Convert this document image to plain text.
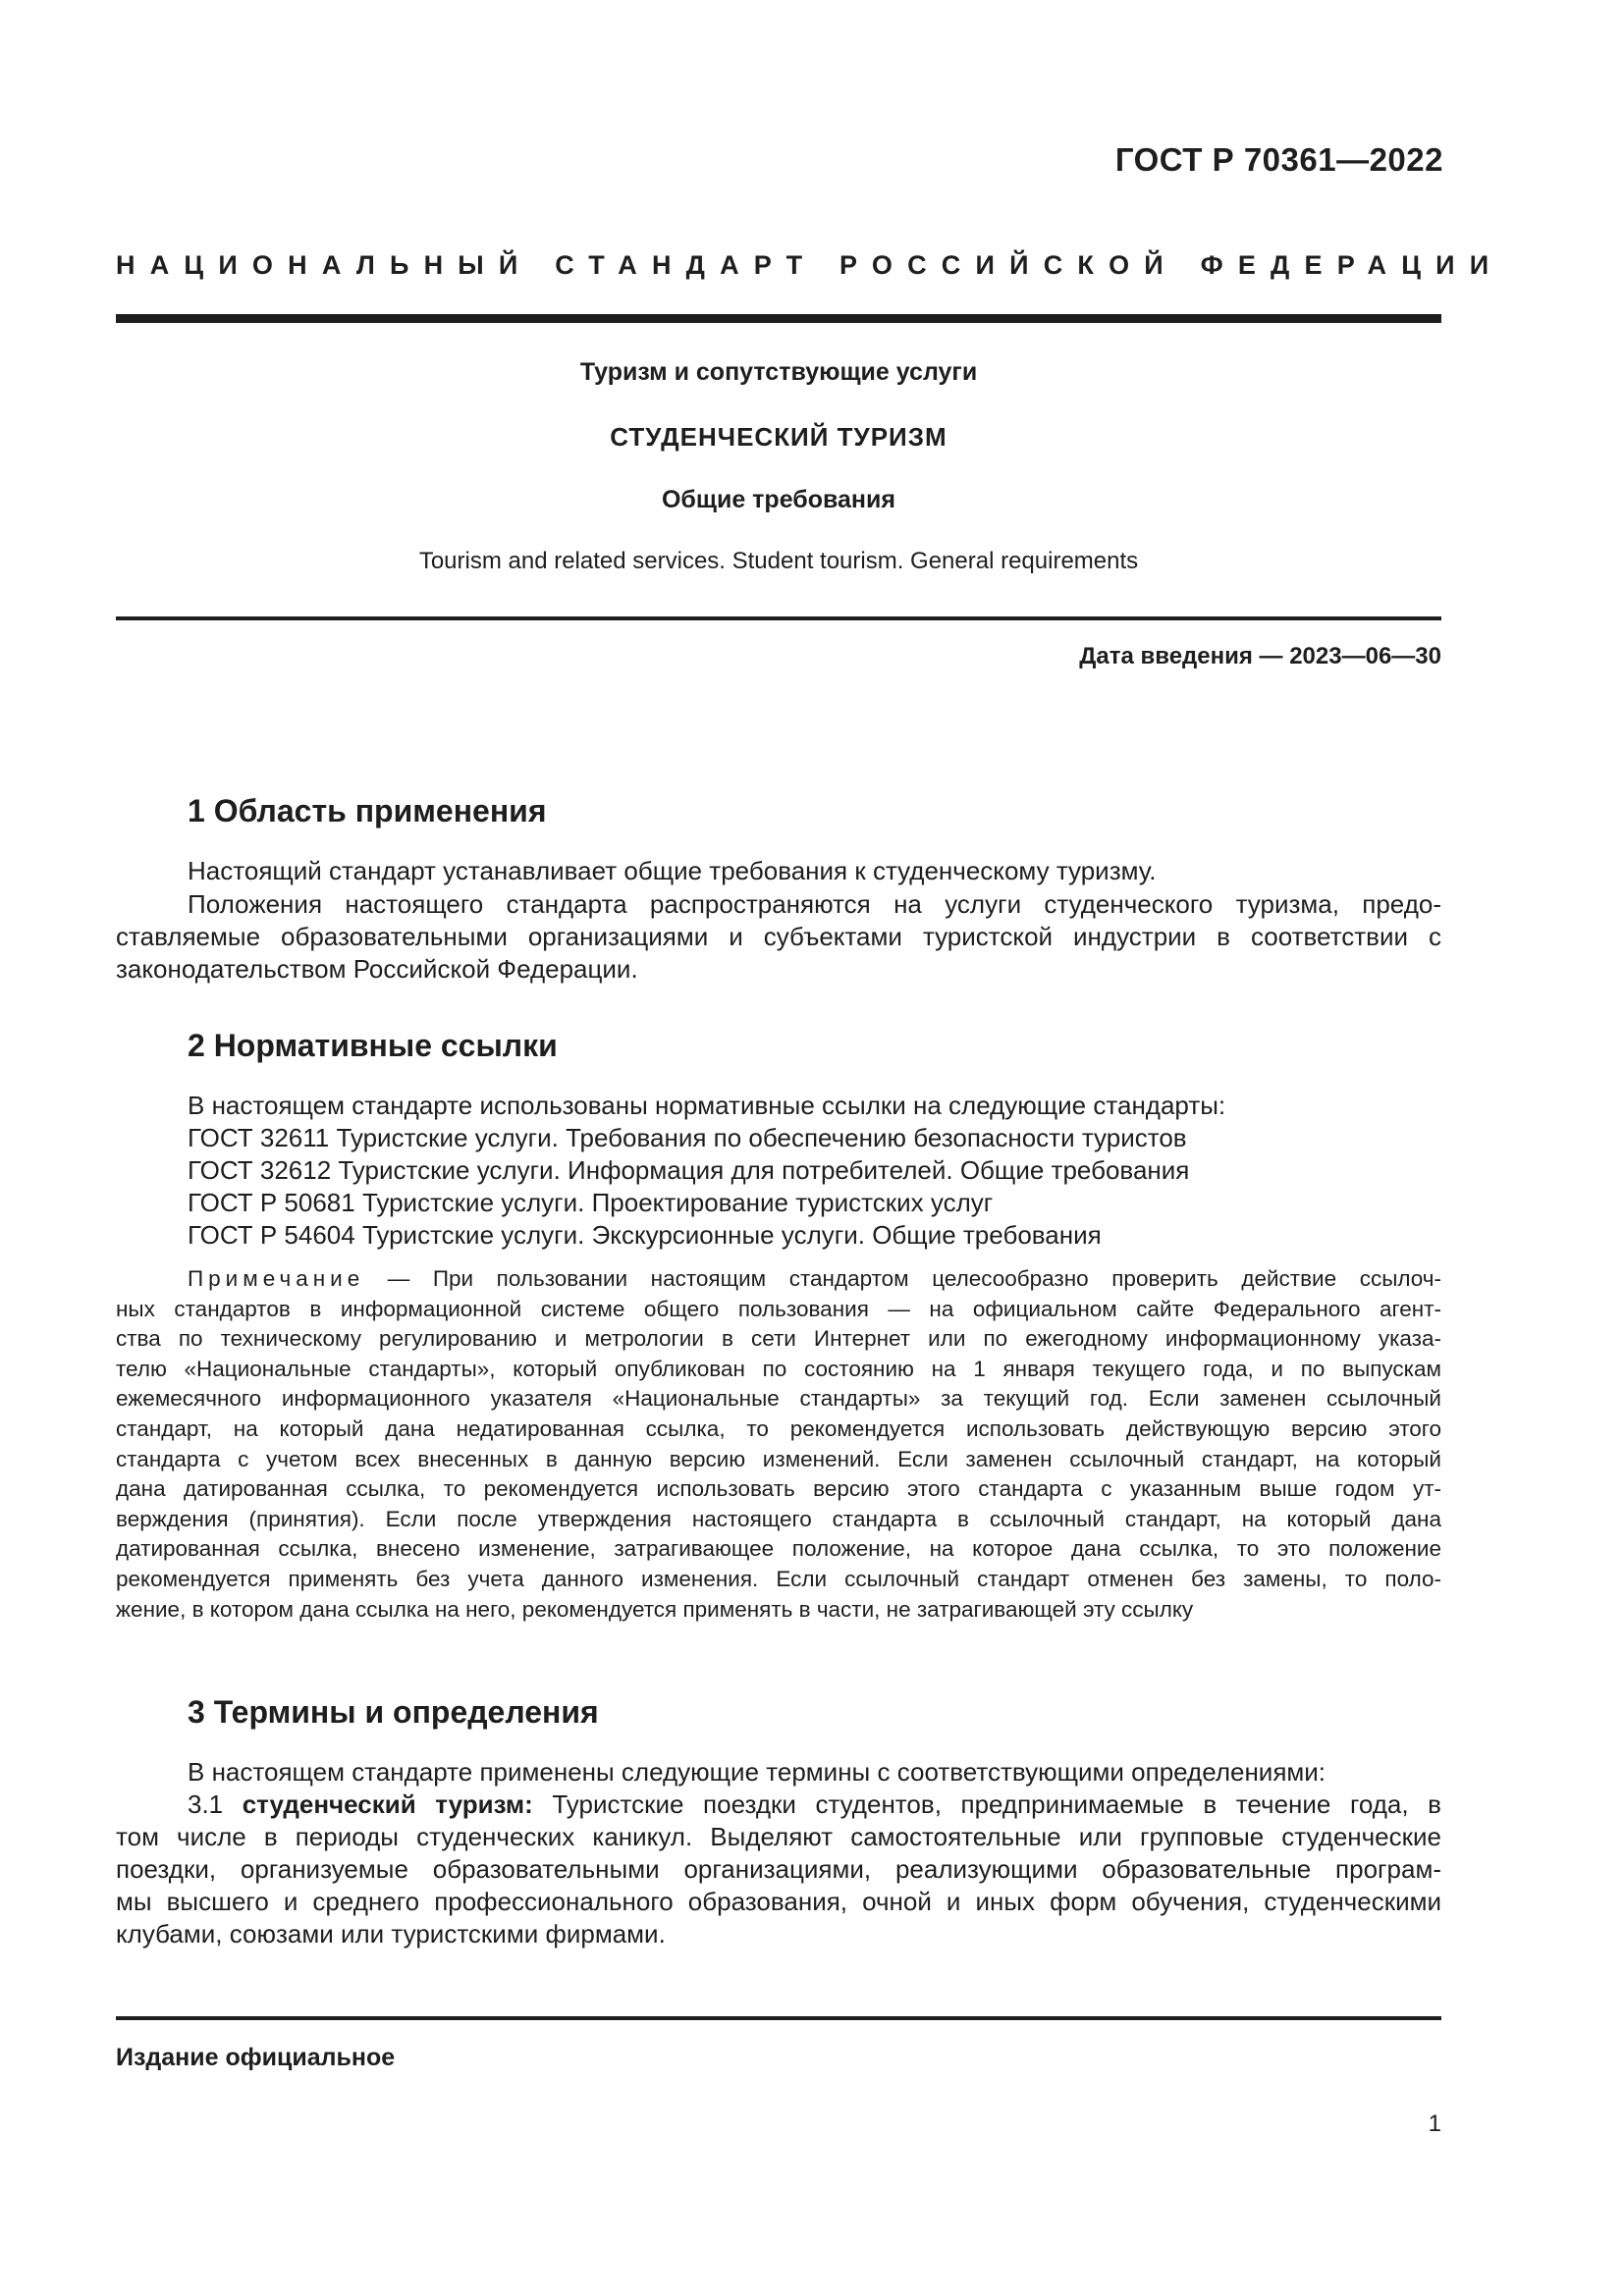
ГОСТ Р 70361—2022
НАЦИОНАЛЬНЫЙ СТАНДАРТ РОССИЙСКОЙ ФЕДЕРАЦИИ
Туризм и сопутствующие услуги
СТУДЕНЧЕСКИЙ ТУРИЗМ
Общие требования
Tourism and related services. Student tourism. General requirements
Дата введения — 2023—06—30
1 Область применения
Настоящий стандарт устанавливает общие требования к студенческому туризму.
Положения настоящего стандарта распространяются на услуги студенческого туризма, предо-
ставляемые образовательными организациями и субъектами туристской индустрии в соответствии с
законодательством Российской Федерации.
2 Нормативные ссылки
В настоящем стандарте использованы нормативные ссылки на следующие стандарты:
ГОСТ 32611 Туристские услуги. Требования по обеспечению безопасности туристов
ГОСТ 32612 Туристские услуги. Информация для потребителей. Общие требования
ГОСТ Р 50681 Туристские услуги. Проектирование туристских услуг
ГОСТ Р 54604 Туристские услуги. Экскурсионные услуги. Общие требования
Примечание — При пользовании настоящим стандартом целесообразно проверить действие ссылоч-
ных стандартов в информационной системе общего пользования — на официальном сайте Федерального агент-
ства по техническому регулированию и метрологии в сети Интернет или по ежегодному информационному указа-
телю «Национальные стандарты», который опубликован по состоянию на 1 января текущего года, и по выпускам
ежемесячного информационного указателя «Национальные стандарты» за текущий год. Если заменен ссылочный
стандарт, на который дана недатированная ссылка, то рекомендуется использовать действующую версию этого
стандарта с учетом всех внесенных в данную версию изменений. Если заменен ссылочный стандарт, на который
дана датированная ссылка, то рекомендуется использовать версию этого стандарта с указанным выше годом ут-
верждения (принятия). Если после утверждения настоящего стандарта в ссылочный стандарт, на который дана
датированная ссылка, внесено изменение, затрагивающее положение, на которое дана ссылка, то это положение
рекомендуется применять без учета данного изменения. Если ссылочный стандарт отменен без замены, то поло-
жение, в котором дана ссылка на него, рекомендуется применять в части, не затрагивающей эту ссылку
3 Термины и определения
В настоящем стандарте применены следующие термины с соответствующими определениями:
3.1 студенческий туризм: Туристские поездки студентов, предпринимаемые в течение года, в
том числе в периоды студенческих каникул. Выделяют самостоятельные или групповые студенческие
поездки, организуемые образовательными организациями, реализующими образовательные програм-
мы высшего и среднего профессионального образования, очной и иных форм обучения, студенческими
клубами, союзами или туристскими фирмами.
Издание официальное
1
